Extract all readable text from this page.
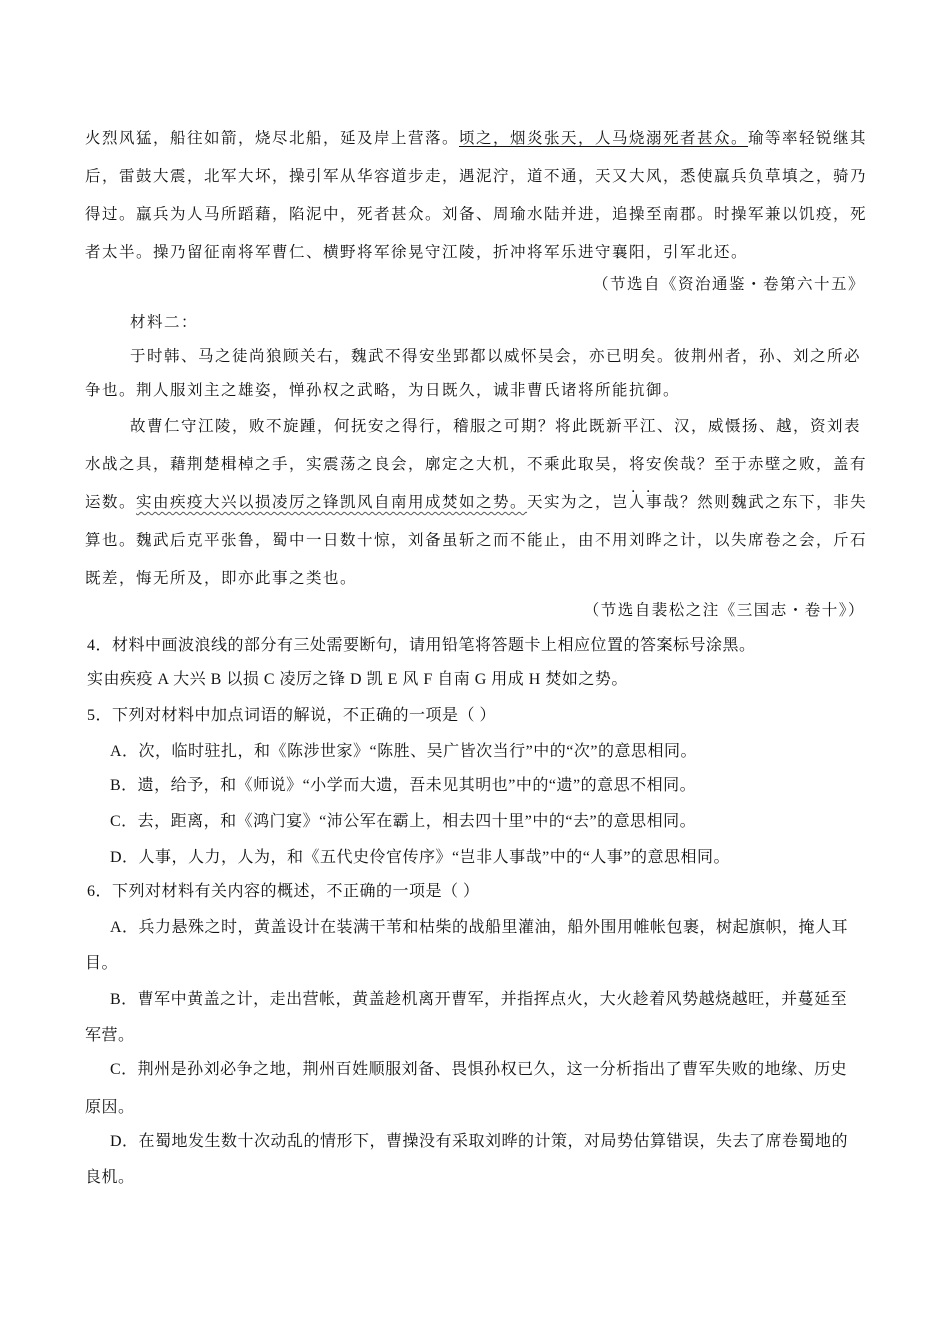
火烈风猛，船往如箭，烧尽北船，延及岸上营落。顷之，烟炎张天，人马烧溺死者甚众。瑜等率轻锐继其
后，雷鼓大震，北军大坏，操引军从华容道步走，遇泥泞，道不通，天又大风，悉使羸兵负草填之，骑乃
得过。羸兵为人马所蹈藉，陷泥中，死者甚众。刘备、周瑜水陆并进，追操至南郡。时操军兼以饥疫，死
者太半。操乃留征南将军曹仁、横野将军徐晃守江陵，折冲将军乐进守襄阳，引军北还。
（节选自《资治通鉴・卷第六十五》
材料二：
于时韩、马之徒尚狼顾关右，魏武不得安坐郢都以威怀吴会，亦已明矣。彼荆州者，孙、刘之所必
争也。荆人服刘主之雄姿，惮孙权之武略，为日既久，诚非曹氏诸将所能抗御。
故曹仁守江陵，败不旋踵，何抚安之得行，稽服之可期？将此既新平江、汉，威慑扬、越，资刘表
水战之具，藉荆楚楫棹之手，实震荡之良会，廓定之大机，不乘此取吴，将安俟哉？至于赤壁之败，盖有
运数。实由疾疫大兴以损凌厉之锋凯风自南用成焚如之势。天实为之，岂· · 人事哉？然则魏武之东下，非失
算也。魏武后克平张鲁，蜀中一日数十惊，刘备虽斩之而不能止，由不用刘晔之计，以失席卷之会，斤石
既差，悔无所及，即亦此事之类也。
（节选自裴松之注《三国志・卷十》）
4．材料中画波浪线的部分有三处需要断句，请用铅笔将答题卡上相应位置的答案标号涂黑。
实由疾疫 A 大兴 B 以损 C 凌厉之锋 D 凯 E 风 F 自南 G 用成 H 焚如之势。
5．下列对材料中加点词语的解说，不正确的一项是（ ）
A．次，临时驻扎，和《陈涉世家》“陈胜、吴广皆次当行”中的“次”的意思相同。
B．遗，给予，和《师说》“小学而大遗，吾未见其明也”中的“遗”的意思不相同。
C．去，距离，和《鸿门宴》“沛公军在霸上，相去四十里”中的“去”的意思相同。
D．人事，人力，人为，和《五代史伶官传序》“岂非人事哉”中的“人事”的意思相同。
6．下列对材料有关内容的概述，不正确的一项是（ ）
A．兵力悬殊之时，黄盖设计在装满干苇和枯柴的战船里灌油，船外围用帷帐包裹，树起旗帜，掩人耳
目。
B．曹军中黄盖之计，走出营帐，黄盖趁机离开曹军，并指挥点火，大火趁着风势越烧越旺，并蔓延至
军营。
C．荆州是孙刘必争之地，荆州百姓顺服刘备、畏惧孙权已久，这一分析指出了曹军失败的地缘、历史
原因。
D．在蜀地发生数十次动乱的情形下，曹操没有采取刘晔的计策，对局势估算错误，失去了席卷蜀地的
良机。
